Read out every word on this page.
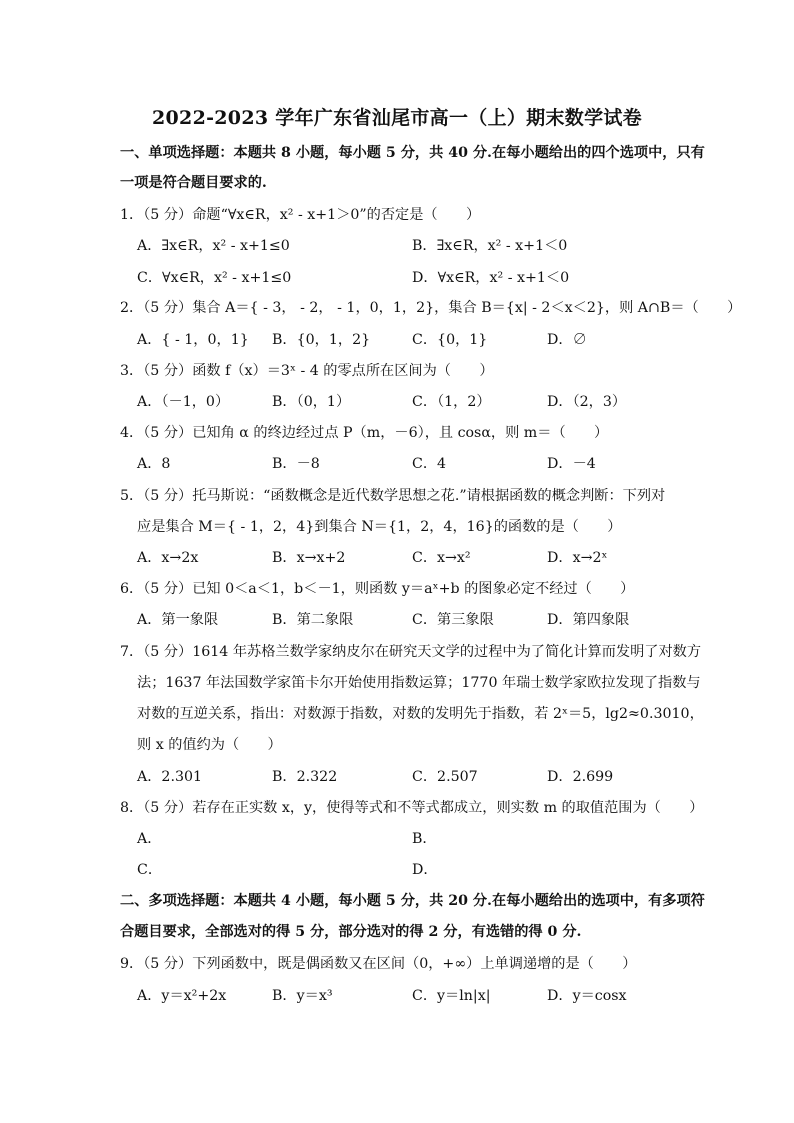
2022-2023 学年广东省汕尾市高一（上）期末数学试卷
一、单项选择题：本题共 8 小题，每小题 5 分，共 40 分.在每小题给出的四个选项中，只有
一项是符合题目要求的.
1．（5 分）命题“∀x∈R，x² - x+1＞0”的否定是（　　）
A．∃x∈R，x² - x+1≤0	B．∃x∈R，x² - x+1＜0
C．∀x∈R，x² - x+1≤0	D．∀x∈R，x² - x+1＜0
2．（5 分）集合 A＝{ - 3， - 2， - 1，0，1，2}，集合 B＝{x| - 2＜x＜2}，则 A∩B＝（　　）
A．{ - 1，0，1} B．{0，1，2}	C．{0，1}	D．∅
3．（5 分）函数 f（x）＝3ˣ - 4 的零点所在区间为（　　）
A．（－1，0）	B．（0，1）	C．（1，2）	D．（2，3）
4．（5 分）已知角 α 的终边经过点 P（m，－6），且 cosα，则 m＝（　　）
A．8	B．－8	C．4	D．－4
5．（5 分）托马斯说：“函数概念是近代数学思想之花.”请根据函数的概念判断：下列对
应是集合 M＝{ - 1，2，4}到集合 N＝{1，2，4，16}的函数的是（　　）
A．x→2x	B．x→x+2	C．x→x²	D．x→2ˣ
6．（5 分）已知 0＜a＜1，b＜－1，则函数 y＝aˣ+b 的图象必定不经过（　　）
A．第一象限	B．第二象限	C．第三象限	D．第四象限
7．（5 分）1614 年苏格兰数学家纳皮尔在研究天文学的过程中为了简化计算而发明了对数方
法；1637 年法国数学家笛卡尔开始使用指数运算；1770 年瑞士数学家欧拉发现了指数与
对数的互逆关系，指出：对数源于指数，对数的发明先于指数，若 2ˣ＝5，lg2≈0.3010，
则 x 的值约为（　　）
A．2.301	B．2.322	C．2.507	D．2.699
8．（5 分）若存在正实数 x，y，使得等式和不等式都成立，则实数 m 的取值范围为（　　）
A．	B．
C．	D．
二、多项选择题：本题共 4 小题，每小题 5 分，共 20 分.在每小题给出的选项中，有多项符
合题目要求，全部选对的得 5 分，部分选对的得 2 分，有选错的得 0 分.
9．（5 分）下列函数中，既是偶函数又在区间（0，+∞）上单调递增的是（　　）
A．y＝x²+2x	B．y＝x³	C．y＝ln|x|	D．y＝cosx
